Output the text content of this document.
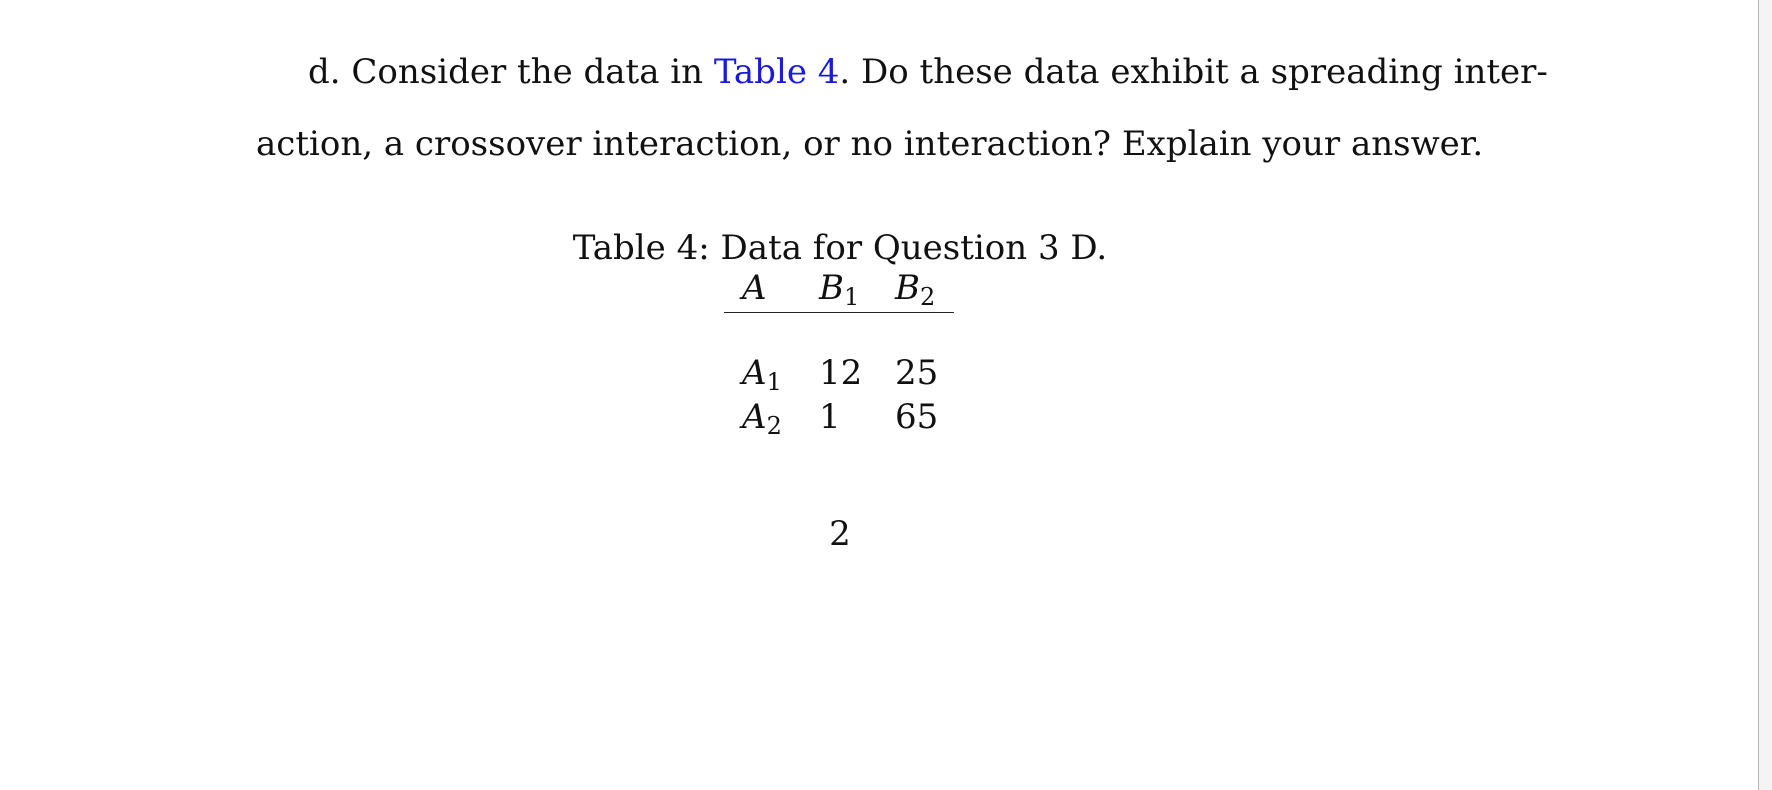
d. Consider the data in Table 4. Do these data exhibit a spreading inter-
action, a crossover interaction, or no interaction? Explain your answer.
Table 4: Data for Question 3 D.
A $B_1$ $B_2$
$A_1$ 12 25
$A_2$ 1 65
2
